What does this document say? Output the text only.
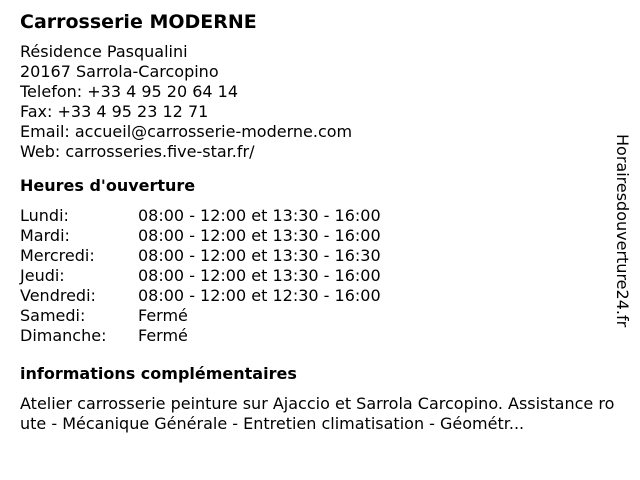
Carrosserie MODERNE
Résidence Pasqualini
20167 Sarrola-Carcopino
Telefon: +33 4 95 20 64 14
Fax: +33 4 95 23 12 71
Email: accueil@carrosserie-moderne.com
Web: carrosseries.five-star.fr/
Heures d'ouverture
Lundi:	08:00 - 12:00 et 13:30 - 16:00
Mardi:	08:00 - 12:00 et 13:30 - 16:00
Mercredi:	08:00 - 12:00 et 13:30 - 16:30
Jeudi:	08:00 - 12:00 et 13:30 - 16:00
Vendredi:	08:00 - 12:00 et 12:30 - 16:00
Samedi:	Fermé
Dimanche:	Fermé
informations complémentaires
Atelier carrosserie peinture sur Ajaccio et Sarrola Carcopino. Assistance route - Mécanique Générale - Entretien climatisation - Géométr...
Horairesdouverture24.fr
